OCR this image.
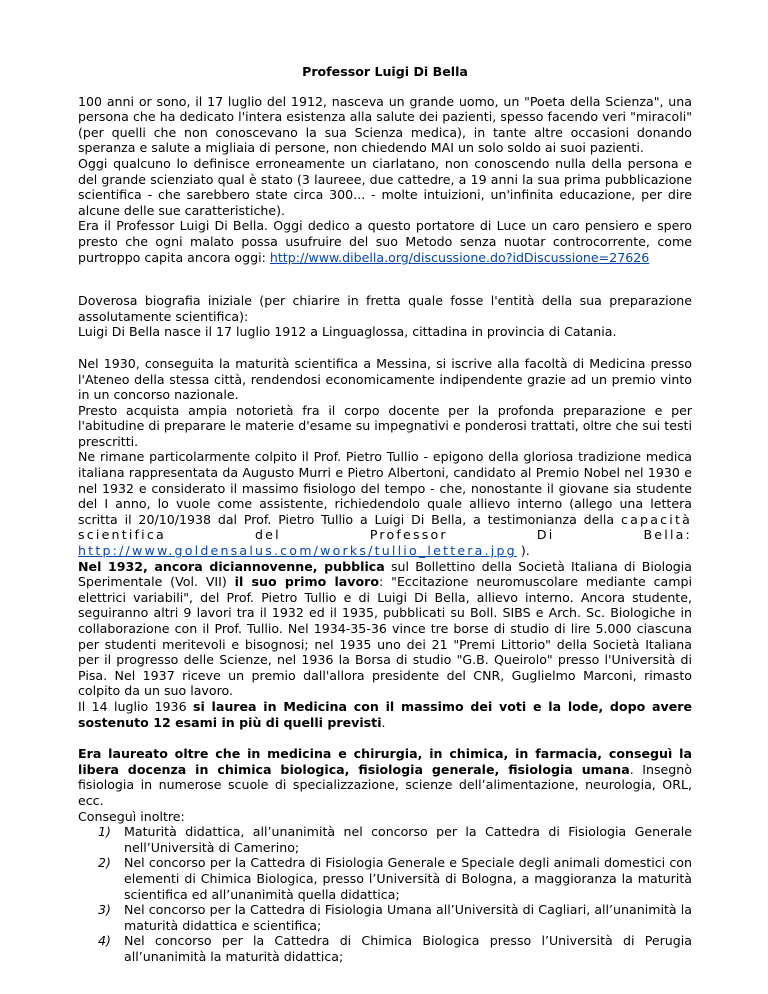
Professor Luigi Di Bella

100 anni or sono, il 17 luglio del 1912, nasceva un grande uomo, un "Poeta della Scienza", una persona che ha dedicato l'intera esistenza alla salute dei pazienti, spesso facendo veri "miracoli" (per quelli che non conoscevano la sua Scienza medica), in tante altre occasioni donando speranza e salute a migliaia di persone, non chiedendo MAI un solo soldo ai suoi pazienti.

Oggi qualcuno lo definisce erroneamente un ciarlatano, non conoscendo nulla della persona e del grande scienziato qual è stato (3 laureee, due cattedre, a 19 anni la sua prima pubblicazione scientifica - che sarebbero state circa 300... - molte intuizioni, un'infinita educazione, per dire alcune delle sue caratteristiche).

Era il Professor Luigi Di Bella. Oggi dedico a questo portatore di Luce un caro pensiero e spero presto che ogni malato possa usufruire del suo Metodo senza nuotar controcorrente, come purtroppo capita ancora oggi: http://www.dibella.org/discussione.do?idDiscussione=27626

Doverosa biografia iniziale (per chiarire in fretta quale fosse l'entità della sua preparazione assolutamente scientifica):

Luigi Di Bella nasce il 17 luglio 1912 a Linguaglossa, cittadina in provincia di Catania.

Nel 1930, conseguita la maturità scientifica a Messina, si iscrive alla facoltà di Medicina presso l'Ateneo della stessa città, rendendosi economicamente indipendente grazie ad un premio vinto in un concorso nazionale.

Presto acquista ampia notorietà fra il corpo docente per la profonda preparazione e per l'abitudine di preparare le materie d'esame su impegnativi e ponderosi trattati, oltre che sui testi prescritti.

Ne rimane particolarmente colpito il Prof. Pietro Tullio - epigono della gloriosa tradizione medica italiana rappresentata da Augusto Murri e Pietro Albertoni, candidato al Premio Nobel nel 1930 e nel 1932 e considerato il massimo fisiologo del tempo - che, nonostante il giovane sia studente del I anno, lo vuole come assistente, richiedendolo quale allievo interno (allego una lettera scritta il 20/10/1938 dal Prof. Pietro Tullio a Luigi Di Bella, a testimonianza della capacità scientifica del Professor Di Bella: http://www.goldensalus.com/works/tullio_lettera.jpg ).

Nel 1932, ancora diciannovenne, pubblica sul Bollettino della Società Italiana di Biologia Sperimentale (Vol. VII) il suo primo lavoro: "Eccitazione neuromuscolare mediante campi elettrici variabili", del Prof. Pietro Tullio e di Luigi Di Bella, allievo interno. Ancora studente, seguiranno altri 9 lavori tra il 1932 ed il 1935, pubblicati su Boll. SIBS e Arch. Sc. Biologiche in collaborazione con il Prof. Tullio. Nel 1934-35-36 vince tre borse di studio di lire 5.000 ciascuna per studenti meritevoli e bisognosi; nel 1935 uno dei 21 "Premi Littorio" della Società Italiana per il progresso delle Scienze, nel 1936 la Borsa di studio "G.B. Queirolo" presso l'Università di Pisa. Nel 1937 riceve un premio dall'allora presidente del CNR, Guglielmo Marconi, rimasto colpito da un suo lavoro.

Il 14 luglio 1936 si laurea in Medicina con il massimo dei voti e la lode, dopo avere sostenuto 12 esami in più di quelli previsti.

Era laureato oltre che in medicina e chirurgia, in chimica, in farmacia, conseguì la libera docenza in chimica biologica, fisiologia generale, fisiologia umana. Insegnò fisiologia in numerose scuole di specializzazione, scienze dell’alimentazione, neurologia, ORL, ecc.

Conseguì inoltre:

1) Maturità didattica, all’unanimità nel concorso per la Cattedra di Fisiologia Generale nell’Università di Camerino;
2) Nel concorso per la Cattedra di Fisiologia Generale e Speciale degli animali domestici con elementi di Chimica Biologica, presso l’Università di Bologna, a maggioranza la maturità scientifica ed all’unanimità quella didattica;
3) Nel concorso per la Cattedra di Fisiologia Umana all’Università di Cagliari, all’unanimità la maturità didattica e scientifica;
4) Nel concorso per la Cattedra di Chimica Biologica presso l’Università di Perugia all’unanimità la maturità didattica;
